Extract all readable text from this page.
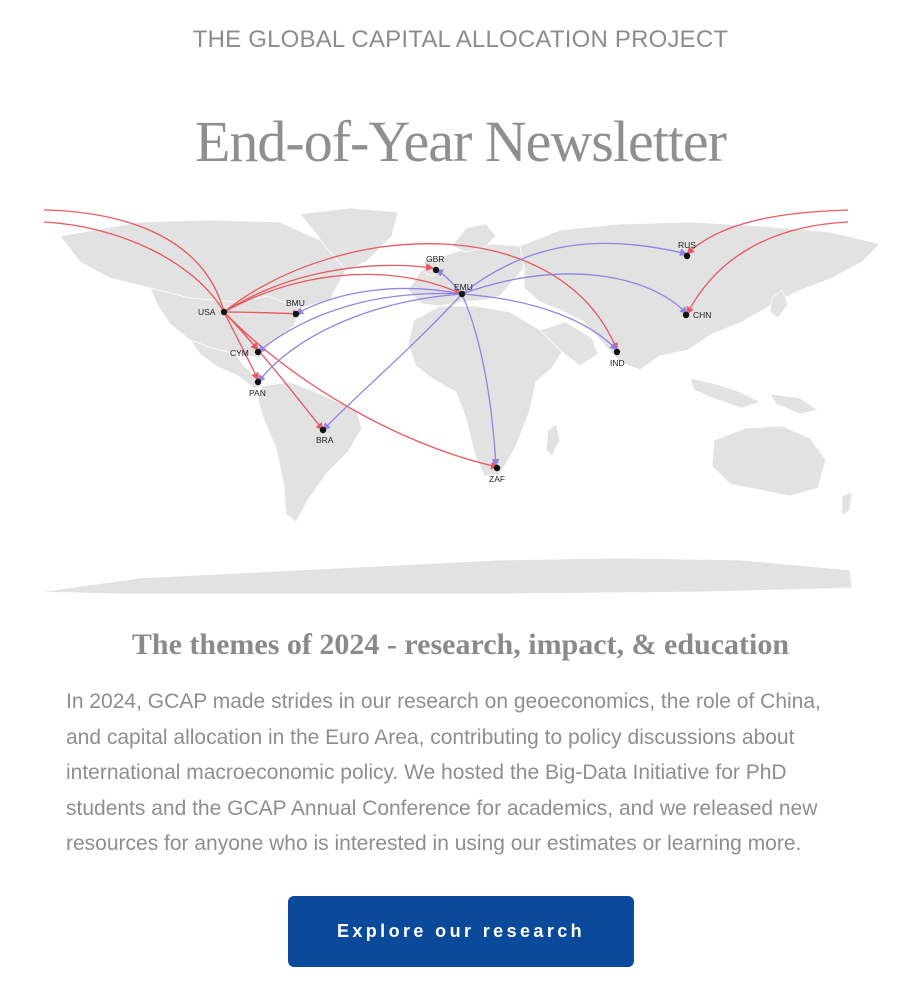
THE GLOBAL CAPITAL ALLOCATION PROJECT
End-of-Year Newsletter
USA
BMU
CYM
PAN
BRA
GBR
EMU
RUS
CHN
IND
ZAF
The themes of 2024 - research, impact, & education
In 2024, GCAP made strides in our research on geoeconomics, the role of China, and capital allocation in the Euro Area, contributing to policy discussions about international macroeconomic policy. We hosted the Big-Data Initiative for PhD students and the GCAP Annual Conference for academics, and we released new resources for anyone who is interested in using our estimates or learning more.
Explore our research
